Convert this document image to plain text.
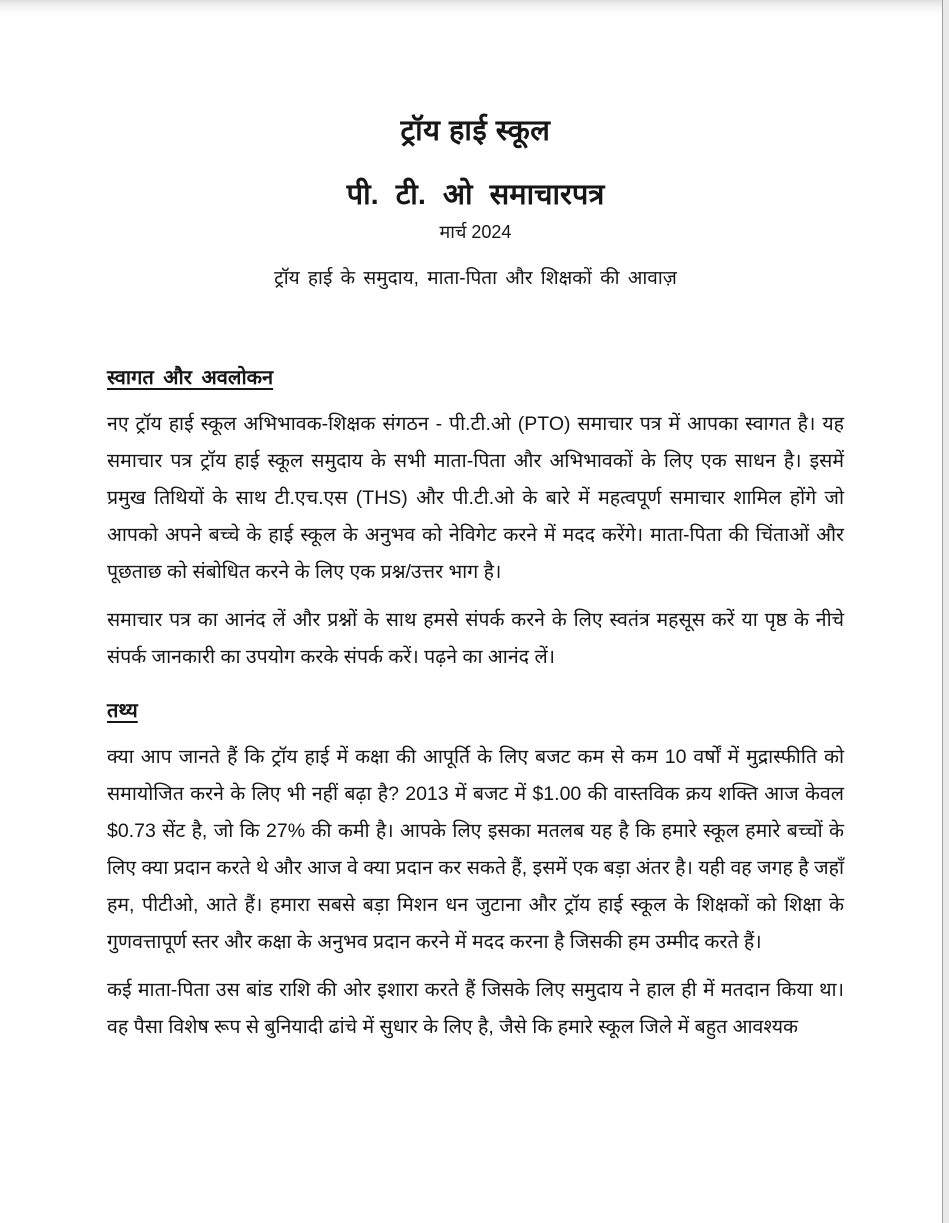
ट्रॉय हाई स्कूल
पी. टी. ओ समाचारपत्र
मार्च 2024
ट्रॉय हाई के समुदाय, माता-पिता और शिक्षकों की आवाज़
स्वागत और अवलोकन

नए ट्रॉय हाई स्कूल अभिभावक-शिक्षक संगठन - पी.टी.ओ (PTO) समाचार पत्र में आपका स्वागत है। यह समाचार पत्र ट्रॉय हाई स्कूल समुदाय के सभी माता-पिता और अभिभावकों के लिए एक साधन है। इसमें प्रमुख तिथियों के साथ टी.एच.एस (THS) और पी.टी.ओ के बारे में महत्वपूर्ण समाचार शामिल होंगे जो आपको अपने बच्चे के हाई स्कूल के अनुभव को नेविगेट करने में मदद करेंगे। माता-पिता की चिंताओं और पूछताछ को संबोधित करने के लिए एक प्रश्न/उत्तर भाग है।

समाचार पत्र का आनंद लें और प्रश्नों के साथ हमसे संपर्क करने के लिए स्वतंत्र महसूस करें या पृष्ठ के नीचे संपर्क जानकारी का उपयोग करके संपर्क करें। पढ़ने का आनंद लें।

तथ्य

क्या आप जानते हैं कि ट्रॉय हाई में कक्षा की आपूर्ति के लिए बजट कम से कम 10 वर्षों में मुद्रास्फीति को समायोजित करने के लिए भी नहीं बढ़ा है? 2013 में बजट में $1.00 की वास्तविक क्रय शक्ति आज केवल $0.73 सेंट है, जो कि 27% की कमी है। आपके लिए इसका मतलब यह है कि हमारे स्कूल हमारे बच्चों के लिए क्या प्रदान करते थे और आज वे क्या प्रदान कर सकते हैं, इसमें एक बड़ा अंतर है। यही वह जगह है जहाँ हम, पीटीओ, आते हैं। हमारा सबसे बड़ा मिशन धन जुटाना और ट्रॉय हाई स्कूल के शिक्षकों को शिक्षा के गुणवत्तापूर्ण स्तर और कक्षा के अनुभव प्रदान करने में मदद करना है जिसकी हम उम्मीद करते हैं।

कई माता-पिता उस बांड राशि की ओर इशारा करते हैं जिसके लिए समुदाय ने हाल ही में मतदान किया था। वह पैसा विशेष रूप से बुनियादी ढांचे में सुधार के लिए है, जैसे कि हमारे स्कूल जिले में बहुत आवश्यक
